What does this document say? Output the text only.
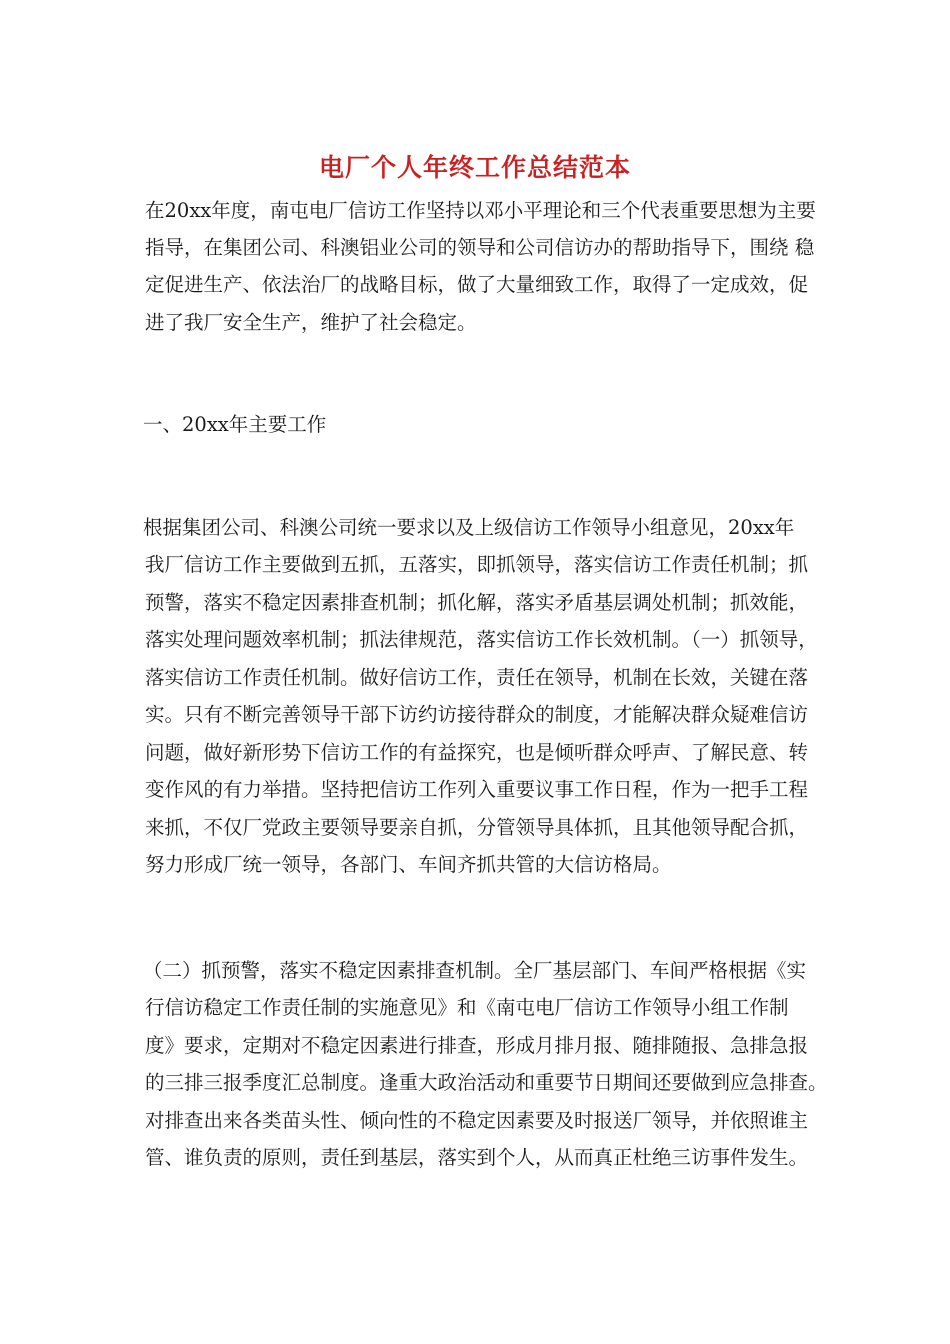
电厂个人年终工作总结范本
在20xx年度，南屯电厂信访工作坚持以邓小平理论和三个代表重要思想为主要
指导，在集团公司、科澳铝业公司的领导和公司信访办的帮助指导下，围绕 稳
定促进生产、依法治厂的战略目标，做了大量细致工作，取得了一定成效，促
进了我厂安全生产，维护了社会稳定。
一、20xx年主要工作
根据集团公司、科澳公司统一要求以及上级信访工作领导小组意见，20xx年
我厂信访工作主要做到五抓，五落实，即抓领导，落实信访工作责任机制；抓
预警，落实不稳定因素排查机制；抓化解，落实矛盾基层调处机制；抓效能，
落实处理问题效率机制；抓法律规范，落实信访工作长效机制。（一）抓领导，
落实信访工作责任机制。做好信访工作，责任在领导，机制在长效，关键在落
实。只有不断完善领导干部下访约访接待群众的制度，才能解决群众疑难信访
问题，做好新形势下信访工作的有益探究，也是倾听群众呼声、了解民意、转
变作风的有力举措。坚持把信访工作列入重要议事工作日程，作为一把手工程
来抓，不仅厂党政主要领导要亲自抓，分管领导具体抓，且其他领导配合抓，
努力形成厂统一领导，各部门、车间齐抓共管的大信访格局。
（二）抓预警，落实不稳定因素排查机制。全厂基层部门、车间严格根据《实
行信访稳定工作责任制的实施意见》和《南屯电厂信访工作领导小组工作制
度》要求，定期对不稳定因素进行排查，形成月排月报、随排随报、急排急报
的三排三报季度汇总制度。逢重大政治活动和重要节日期间还要做到应急排查。
对排查出来各类苗头性、倾向性的不稳定因素要及时报送厂领导，并依照谁主
管、谁负责的原则，责任到基层，落实到个人，从而真正杜绝三访事件发生。
